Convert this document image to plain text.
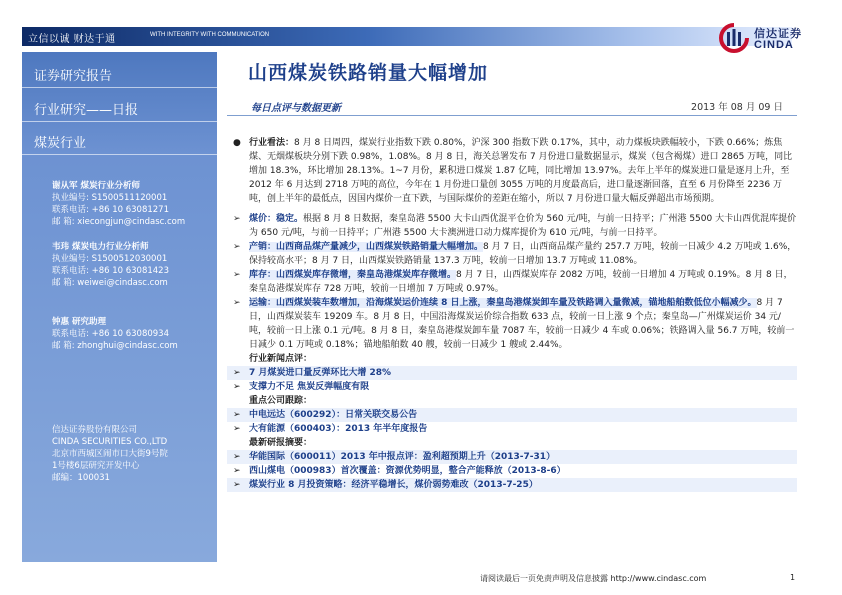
立信以诚 财达于通	WITH INTEGRITY WITH COMMUNICATION	信达证券
CINDA
证券研究报告
行业研究——日报
煤炭行业
谢从军 煤炭行业分析师
执业编号: S1500511120001
联系电话: +86 10 63081271
邮 箱: xiecongjun@cindasc.com
韦玮 煤炭电力行业分析师
执业编号: S1500512030001
联系电话: +86 10 63081423
邮 箱: weiwei@cindasc.com
钟惠 研究助理
联系电话: +86 10 63080934
邮 箱: zhonghui@cindasc.com
信达证券股份有限公司
CINDA SECURITIES CO.,LTD
北京市西城区闹市口大街9号院
1号楼6层研究开发中心
邮编：100031
山西煤炭铁路销量大幅增加
每日点评与数据更新	2013 年 08 月 09 日
● 行业看法：8 月 8 日周四，煤炭行业指数下跌 0.80%，沪深 300 指数下跌 0.17%，其中，动力煤板块跌幅较小，下跌 0.66%；炼焦煤、无烟煤板块分别下跌 0.98%，1.08%。8 月 8 日，海关总署发布 7 月份进口量数据显示，煤炭（包含褐煤）进口 2865 万吨，同比增加 18.3%，环比增加 28.13%。1~7 月份，累积进口煤炭 1.87 亿吨，同比增加 13.97%。去年上半年的煤炭进口量是逐月上升，至 2012 年 6 月达到 2718 万吨的高位，今年在 1 月份进口量创 3055 万吨的月度最高后，进口量逐渐回落，直至 6 月份降至 2236 万吨，创上半年的最低点，因国内煤价一直下跌，与国际煤价的差距在缩小，所以 7 月份进口量大幅反弹超出市场预期。
➢ 煤价：稳定。根据 8 月 8 日数据，秦皇岛港 5500 大卡山西优混平仓价为 560 元/吨，与前一日持平；广州港 5500 大卡山西优混库提价为 650 元/吨，与前一日持平；广州港 5500 大卡澳洲进口动力煤库提价为 610 元/吨，与前一日持平。
➢ 产销：山西商品煤产量减少，山西煤炭铁路销量大幅增加。8 月 7 日，山西商品煤产量约 257.7 万吨，较前一日减少 4.2 万吨或 1.6%，保持较高水平；8 月 7 日，山西煤炭铁路销量 137.3 万吨，较前一日增加 13.7 万吨或 11.08%。
➢ 库存：山西煤炭库存微增，秦皇岛港煤炭库存微增。8 月 7 日，山西煤炭库存 2082 万吨，较前一日增加 4 万吨或 0.19%。8 月 8 日，秦皇岛港煤炭库存 728 万吨，较前一日增加 7 万吨或 0.97%。
➢ 运输：山西煤炭装车数增加，沿海煤炭运价连续 8 日上涨，秦皇岛港煤炭卸车量及铁路调入量微减，锚地船舶数低位小幅减少。8 月 7 日，山西煤炭装车 19209 车。8 月 8 日，中国沿海煤炭运价综合指数 633 点，较前一日上涨 9 个点；秦皇岛—广州煤炭运价 34 元/吨，较前一日上涨 0.1 元/吨。8 月 8 日，秦皇岛港煤炭卸车量 7087 车，较前一日减少 4 车或 0.06%；铁路调入量 56.7 万吨，较前一日减少 0.1 万吨或 0.18%；锚地船舶数 40 艘，较前一日减少 1 艘或 2.44%。
行业新闻点评：
➢ 7 月煤炭进口量反弹环比大增 28%
➢ 支撑力不足 焦炭反弹幅度有限
重点公司跟踪：
➢ 中电远达（600292）：日常关联交易公告
➢ 大有能源（600403）：2013 年半年度报告
最新研报摘要：
➢ 华能国际（600011）2013 年中报点评：盈利超预期上升（2013-7-31）
➢ 西山煤电（000983）首次覆盖：资源优势明显，整合产能释放（2013-8-6）
➢ 煤炭行业 8 月投资策略：经济平稳增长，煤价弱势难改（2013-7-25）
请阅读最后一页免责声明及信息披露 http://www.cindasc.com	1
